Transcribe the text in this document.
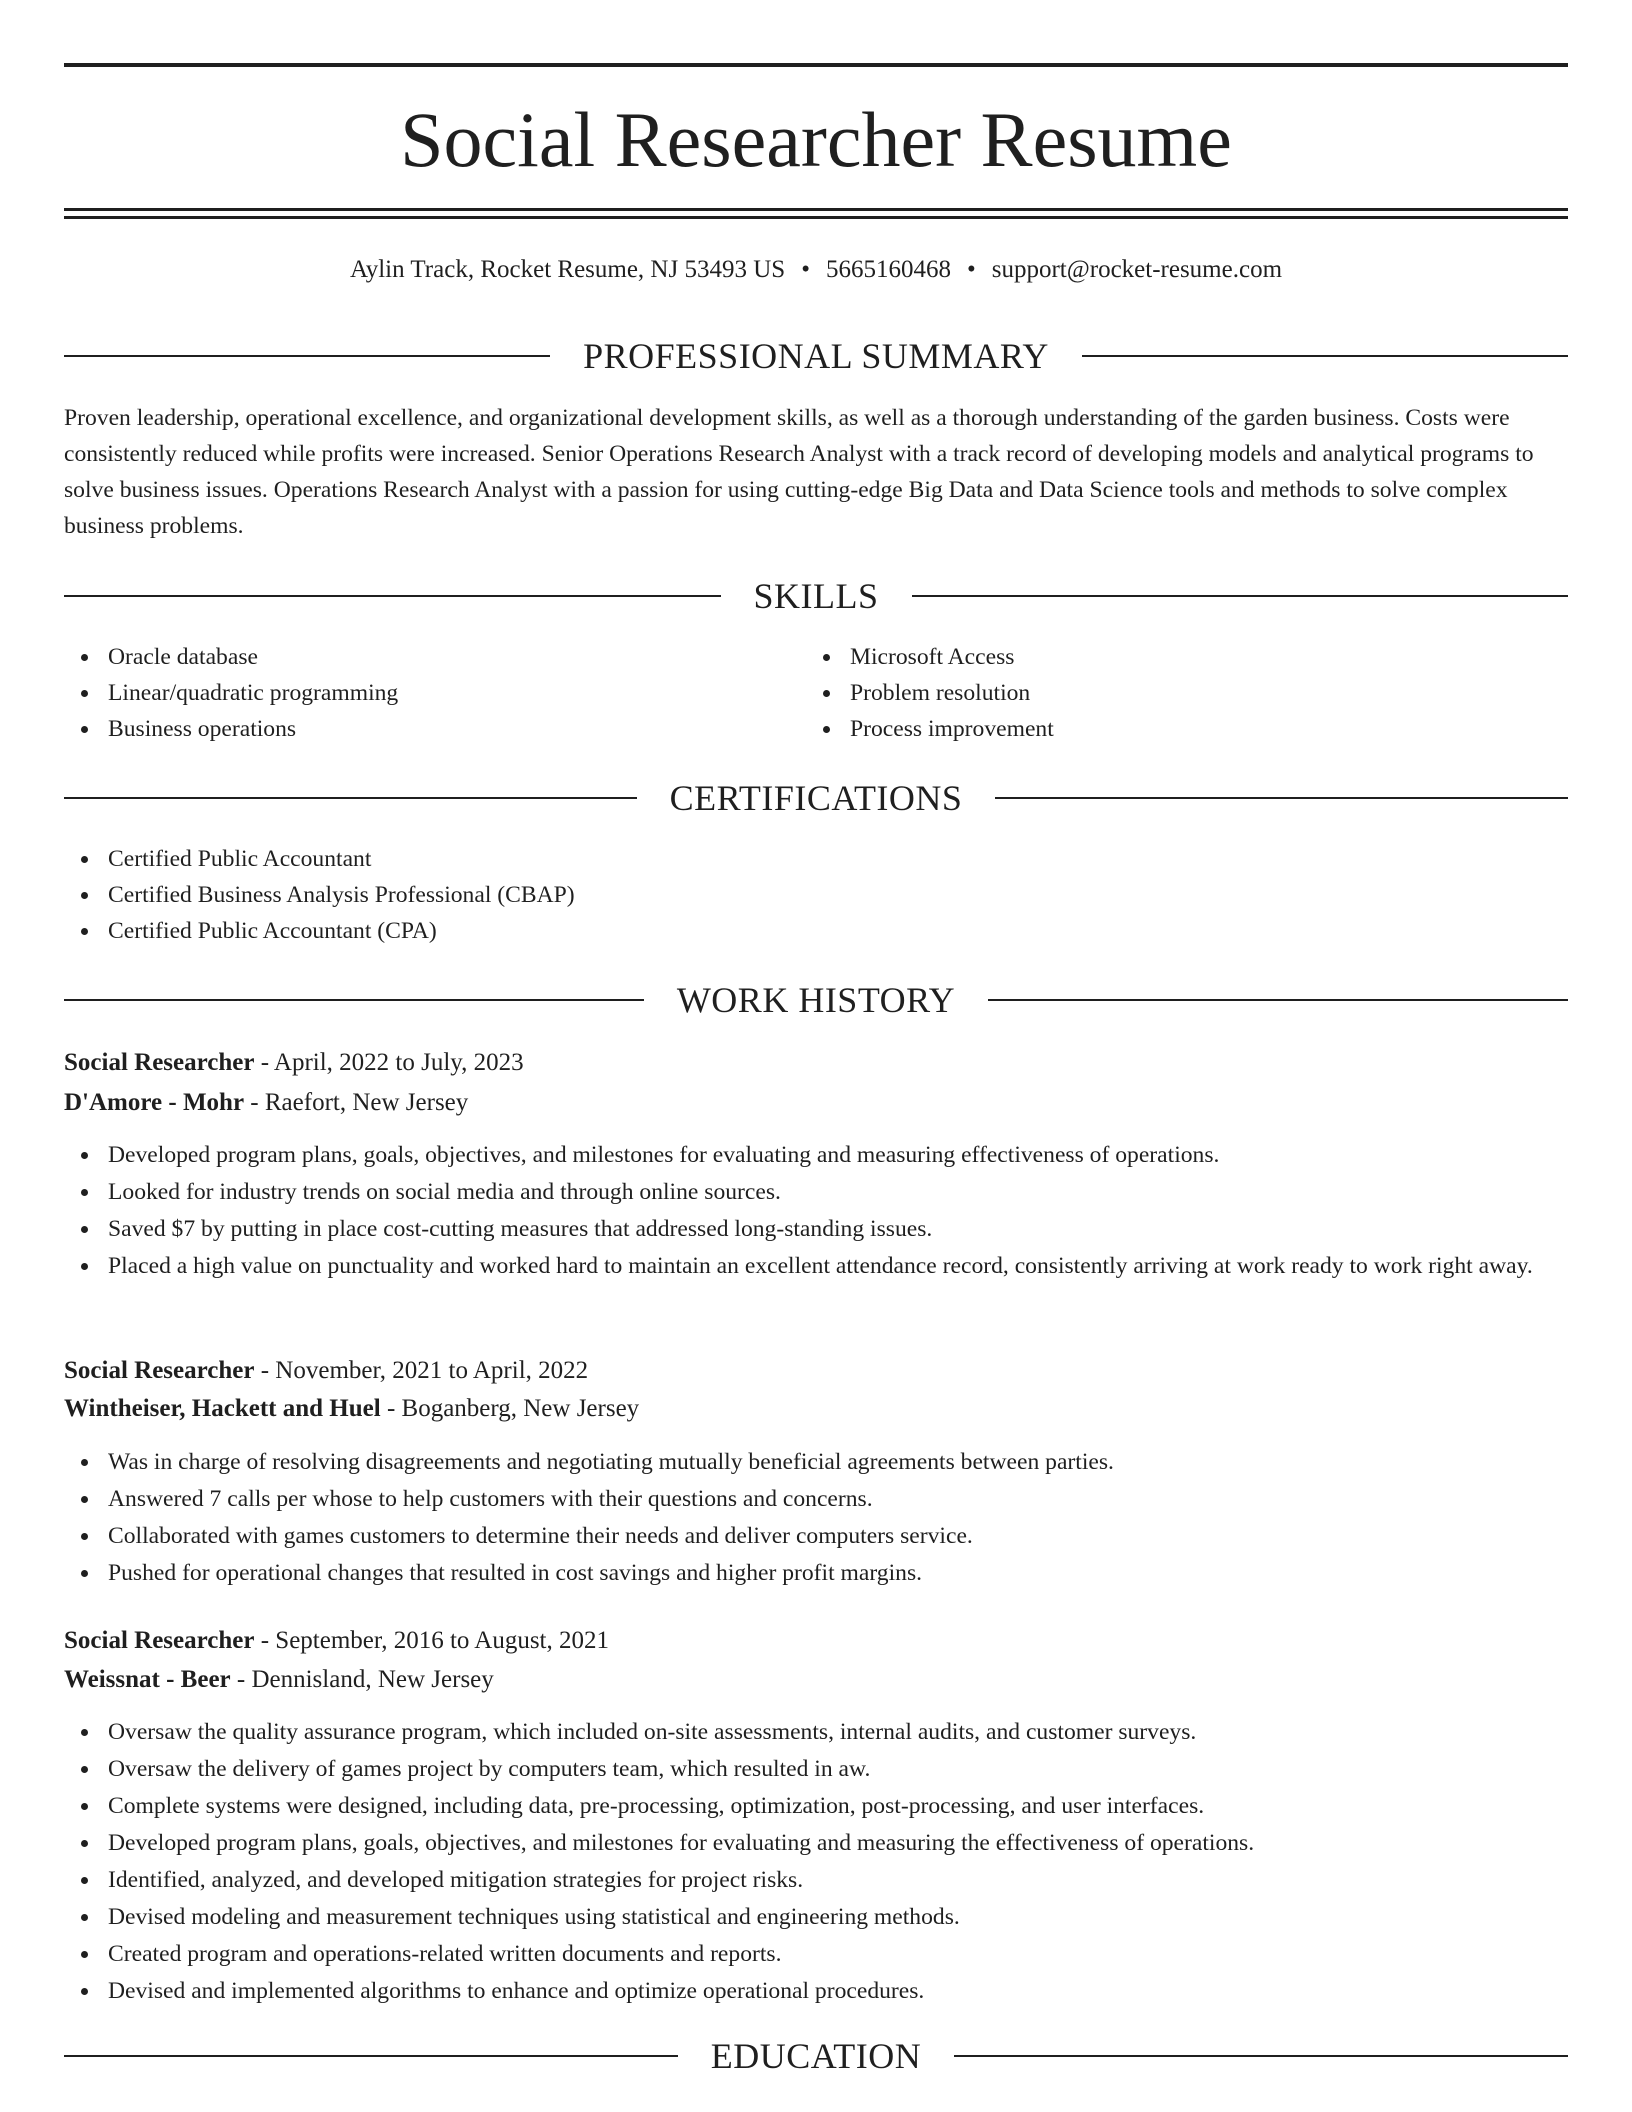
Social Researcher Resume
Aylin Track, Rocket Resume, NJ 53493 US • 5665160468 • support@rocket-resume.com
PROFESSIONAL SUMMARY

Proven leadership, operational excellence, and organizational development skills, as well as a thorough understanding of the garden business. Costs were consistently reduced while profits were increased. Senior Operations Research Analyst with a track record of developing models and analytical programs to solve business issues. Operations Research Analyst with a passion for using cutting-edge Big Data and Data Science tools and methods to solve complex business problems.

SKILLS
Oracle database
Linear/quadratic programming
Business operations
Microsoft Access
Problem resolution
Process improvement
CERTIFICATIONS
Certified Public Accountant
Certified Business Analysis Professional (CBAP)
Certified Public Accountant (CPA)
WORK HISTORY
Social Researcher - April, 2022 to July, 2023
D'Amore - Mohr - Raefort, New Jersey
Developed program plans, goals, objectives, and milestones for evaluating and measuring effectiveness of operations.
Looked for industry trends on social media and through online sources.
Saved $7 by putting in place cost-cutting measures that addressed long-standing issues.
Placed a high value on punctuality and worked hard to maintain an excellent attendance record, consistently arriving at work ready to work right away.
Social Researcher - November, 2021 to April, 2022
Wintheiser, Hackett and Huel - Boganberg, New Jersey
Was in charge of resolving disagreements and negotiating mutually beneficial agreements between parties.
Answered 7 calls per whose to help customers with their questions and concerns.
Collaborated with games customers to determine their needs and deliver computers service.
Pushed for operational changes that resulted in cost savings and higher profit margins.
Social Researcher - September, 2016 to August, 2021
Weissnat - Beer - Dennisland, New Jersey
Oversaw the quality assurance program, which included on-site assessments, internal audits, and customer surveys.
Oversaw the delivery of games project by computers team, which resulted in aw.
Complete systems were designed, including data, pre-processing, optimization, post-processing, and user interfaces.
Developed program plans, goals, objectives, and milestones for evaluating and measuring the effectiveness of operations.
Identified, analyzed, and developed mitigation strategies for project risks.
Devised modeling and measurement techniques using statistical and engineering methods.
Created program and operations-related written documents and reports.
Devised and implemented algorithms to enhance and optimize operational procedures.
EDUCATION
